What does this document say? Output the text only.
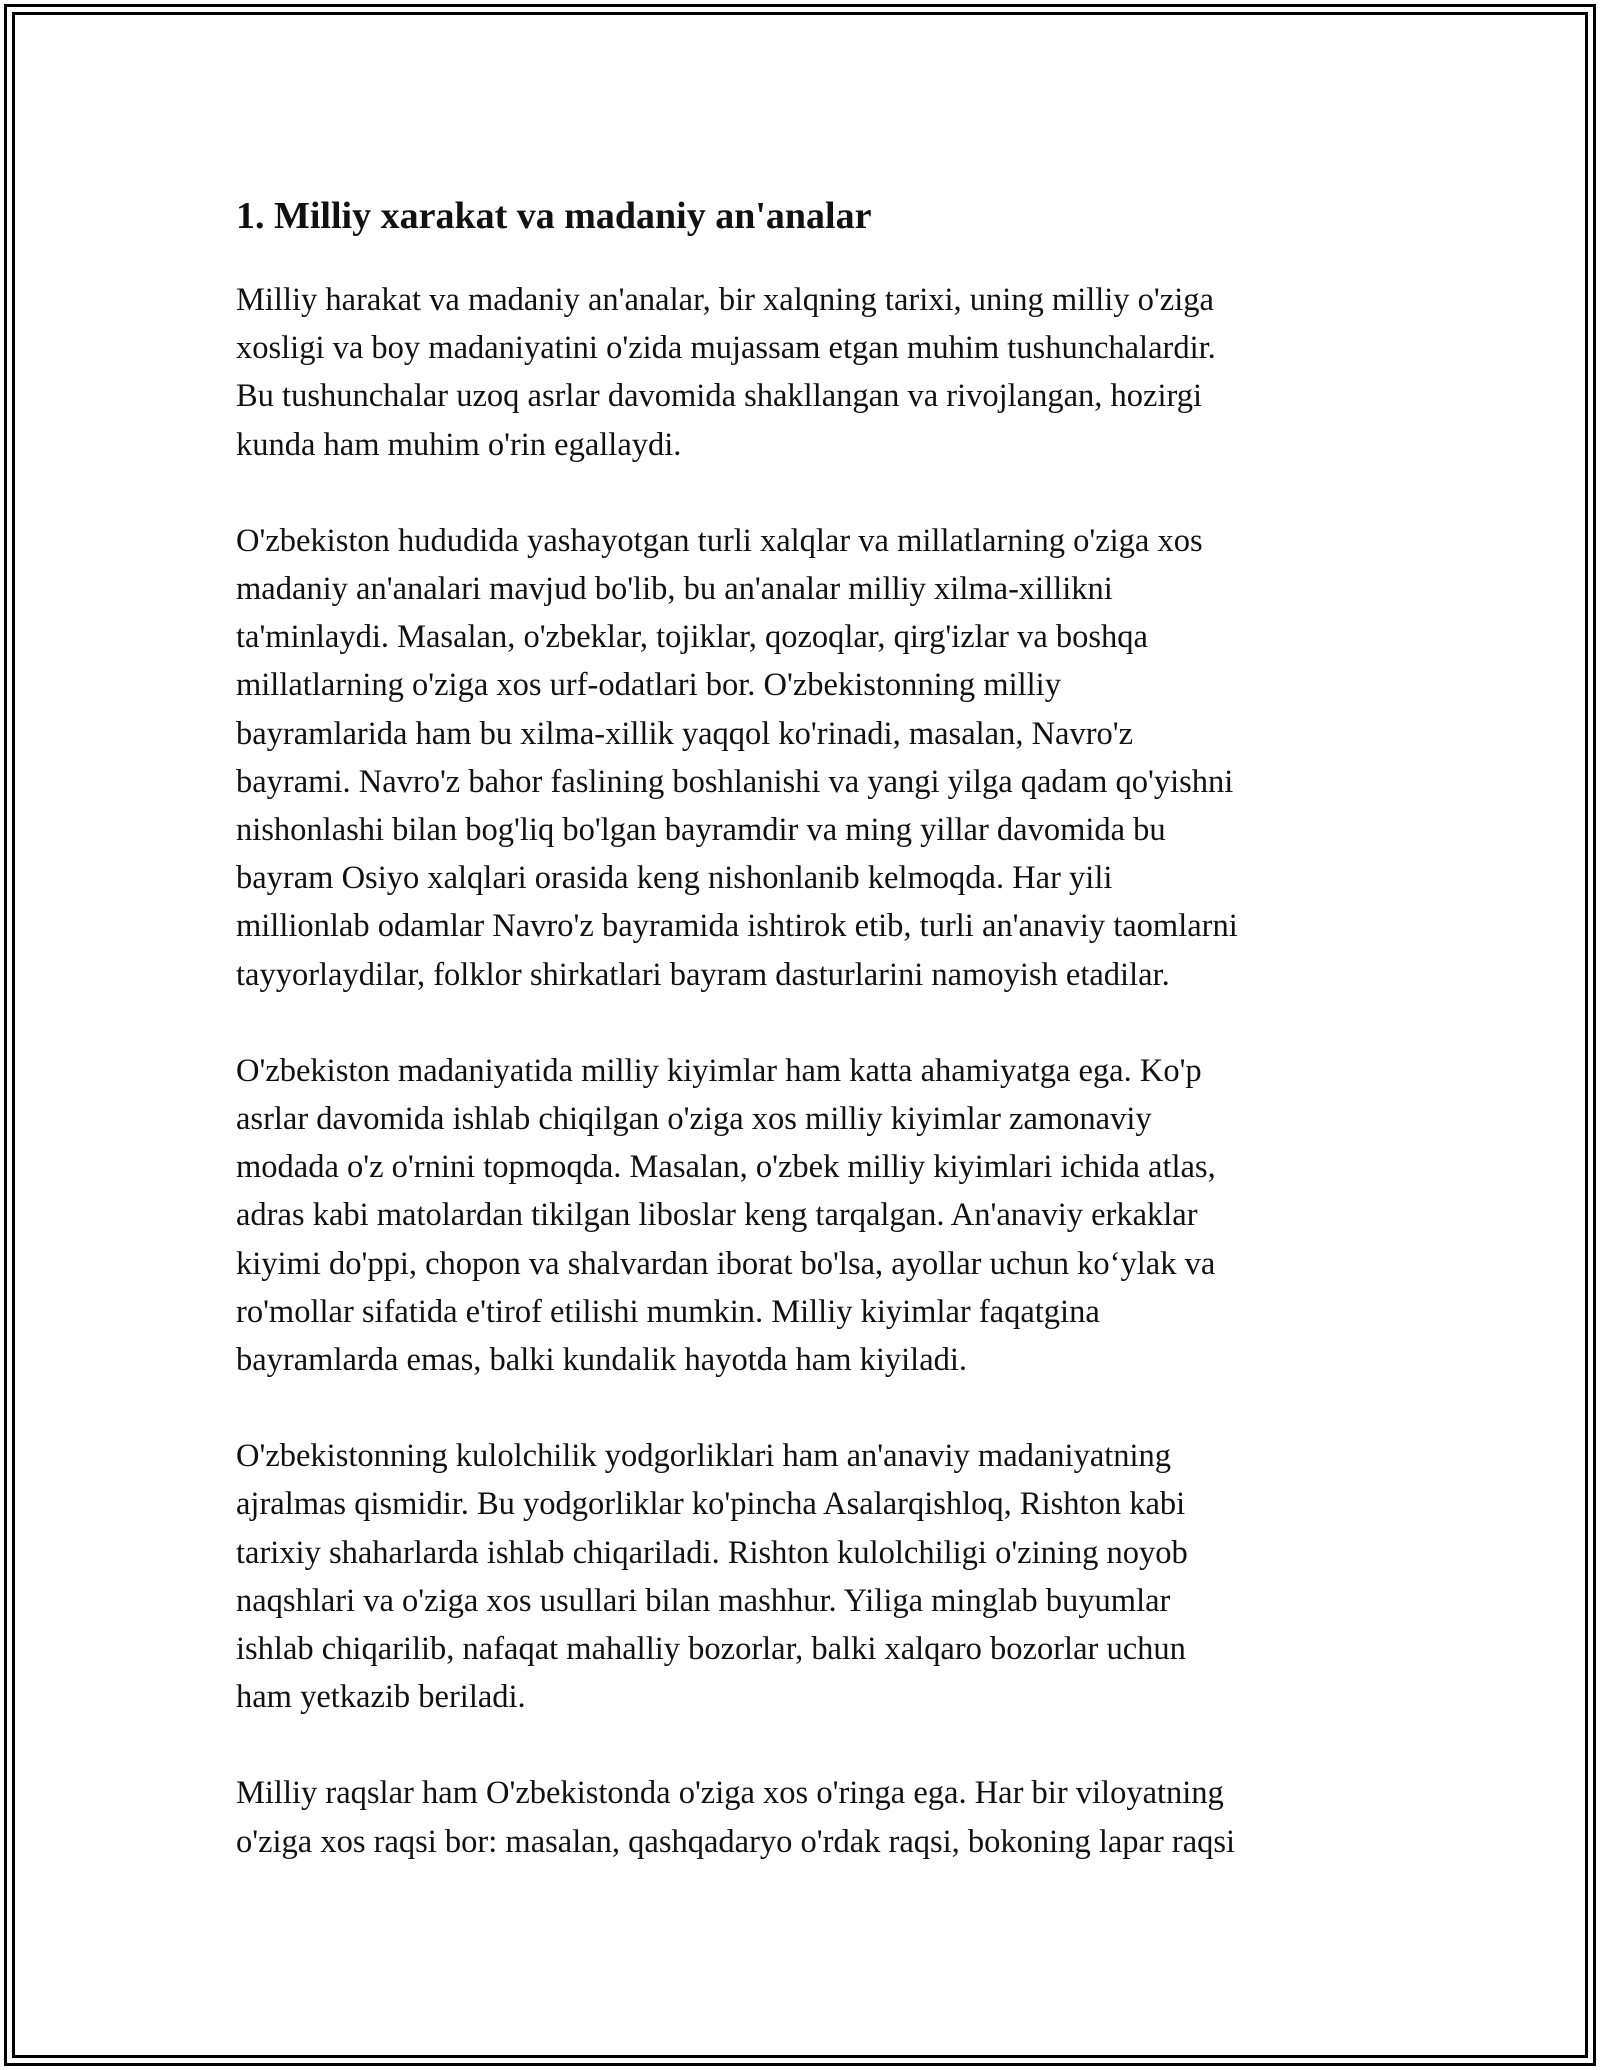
1. Milliy xarakat va madaniy an'analar
Milliy harakat va madaniy an'analar, bir xalqning tarixi, uning milliy o'ziga
xosligi va boy madaniyatini o'zida mujassam etgan muhim tushunchalardir.
Bu tushunchalar uzoq asrlar davomida shakllangan va rivojlangan, hozirgi
kunda ham muhim o'rin egallaydi.
O'zbekiston hududida yashayotgan turli xalqlar va millatlarning o'ziga xos
madaniy an'analari mavjud bo'lib, bu an'analar milliy xilma-xillikni
ta'minlaydi. Masalan, o'zbeklar, tojiklar, qozoqlar, qirg'izlar va boshqa
millatlarning o'ziga xos urf-odatlari bor. O'zbekistonning milliy
bayramlarida ham bu xilma-xillik yaqqol ko'rinadi, masalan, Navro'z
bayrami. Navro'z bahor faslining boshlanishi va yangi yilga qadam qo'yishni
nishonlashi bilan bog'liq bo'lgan bayramdir va ming yillar davomida bu
bayram Osiyo xalqlari orasida keng nishonlanib kelmoqda. Har yili
millionlab odamlar Navro'z bayramida ishtirok etib, turli an'anaviy taomlarni
tayyorlaydilar, folklor shirkatlari bayram dasturlarini namoyish etadilar.
O'zbekiston madaniyatida milliy kiyimlar ham katta ahamiyatga ega. Ko'p
asrlar davomida ishlab chiqilgan o'ziga xos milliy kiyimlar zamonaviy
modada o'z o'rnini topmoqda. Masalan, o'zbek milliy kiyimlari ichida atlas,
adras kabi matolardan tikilgan liboslar keng tarqalgan. An'anaviy erkaklar
kiyimi do'ppi, chopon va shalvardan iborat bo'lsa, ayollar uchun ko‘ylak va
ro'mollar sifatida e'tirof etilishi mumkin. Milliy kiyimlar faqatgina
bayramlarda emas, balki kundalik hayotda ham kiyiladi.
O'zbekistonning kulolchilik yodgorliklari ham an'anaviy madaniyatning
ajralmas qismidir. Bu yodgorliklar ko'pincha Asalarqishloq, Rishton kabi
tarixiy shaharlarda ishlab chiqariladi. Rishton kulolchiligi o'zining noyob
naqshlari va o'ziga xos usullari bilan mashhur. Yiliga minglab buyumlar
ishlab chiqarilib, nafaqat mahalliy bozorlar, balki xalqaro bozorlar uchun
ham yetkazib beriladi.
Milliy raqslar ham O'zbekistonda o'ziga xos o'ringa ega. Har bir viloyatning
o'ziga xos raqsi bor: masalan, qashqadaryo o'rdak raqsi, bokoning lapar raqsi
